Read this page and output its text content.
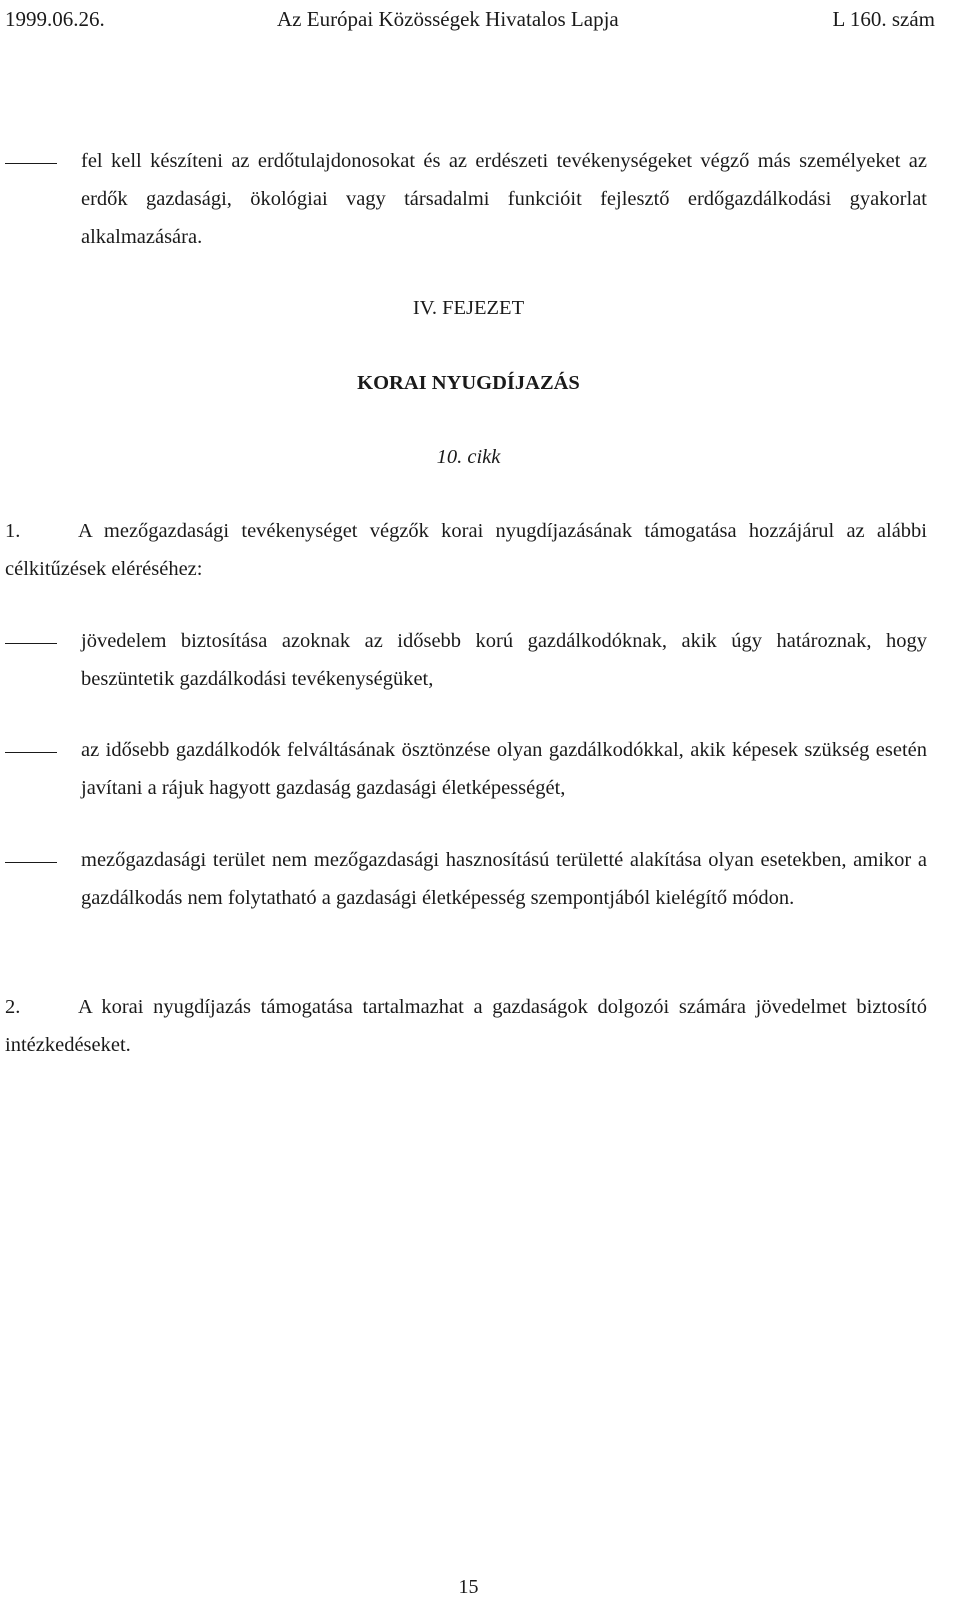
1999.06.26.	Az Európai Közösségek Hivatalos Lapja	L 160. szám
fel kell készíteni az erdőtulajdonosokat és az erdészeti tevékenységeket végző más személyeket az erdők gazdasági, ökológiai vagy társadalmi funkcióit fejlesztő erdőgazdálkodási gyakorlat alkalmazására.
IV. FEJEZET
KORAI NYUGDÍJAZÁS
10. cikk
1.	A mezőgazdasági tevékenységet végzők korai nyugdíjazásának támogatása hozzájárul az alábbi célkitűzések eléréséhez:
jövedelem biztosítása azoknak az idősebb korú gazdálkodóknak, akik úgy határoznak, hogy beszüntetik gazdálkodási tevékenységüket,
az idősebb gazdálkodók felváltásának ösztönzése olyan gazdálkodókkal, akik képesek szükség esetén javítani a rájuk hagyott gazdaság gazdasági életképességét,
mezőgazdasági terület nem mezőgazdasági hasznosítású területté alakítása olyan esetekben, amikor a gazdálkodás nem folytatható a gazdasági életképesség szempontjából kielégítő módon.
2.	A korai nyugdíjazás támogatása tartalmazhat a gazdaságok dolgozói számára jövedelmet biztosító intézkedéseket.
15
